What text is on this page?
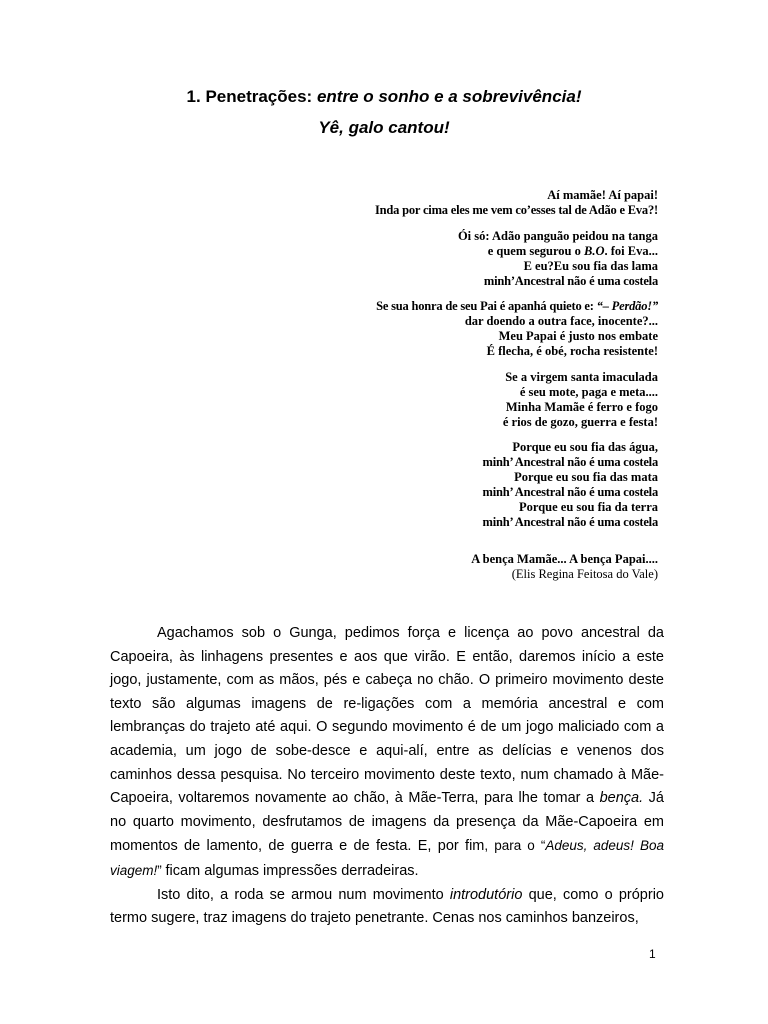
1. Penetrações: entre o sonho e a sobrevivência!
Yê, galo cantou!
Aí mamãe! Aí papai!
Inda por cima eles me vem co’esses tal de Adão e Eva?!
Ói só: Adão panguão peidou na tanga
e quem segurou o B.O. foi Eva...
E eu?Eu sou fia das lama
minh’Ancestral não é uma costela
Se sua honra de seu Pai é apanhá quieto e: “– Perdão!”
dar doendo a outra face, inocente?...
Meu Papai é justo nos embate
É flecha, é obé, rocha resistente!
Se a virgem santa imaculada
é seu mote, paga e meta....
Minha Mamãe é ferro e fogo
é rios de gozo, guerra e festa!
Porque eu sou fia das água,
minh’ Ancestral não é uma costela
Porque eu sou fia das mata
minh’ Ancestral não é uma costela
Porque eu sou fia da terra
minh’ Ancestral não é uma costela
A bença Mamãe... A bença Papai....
(Elis Regina Feitosa do Vale)

Agachamos sob o Gunga, pedimos força e licença ao povo ancestral da Capoeira, às linhagens presentes e aos que virão. E então, daremos início a este jogo, justamente, com as mãos, pés e cabeça no chão. O primeiro movimento deste texto são algumas imagens de re-ligações com a memória ancestral e com lembranças do trajeto até aqui. O segundo movimento é de um jogo maliciado com a academia, um jogo de sobe-desce e aqui-alí, entre as delícias e venenos dos caminhos dessa pesquisa. No terceiro movimento deste texto, num chamado à Mãe-Capoeira, voltaremos novamente ao chão, à Mãe-Terra, para lhe tomar a bença. Já no quarto movimento, desfrutamos de imagens da presença da Mãe-Capoeira em momentos de lamento, de guerra e de festa. E, por fim, para o “Adeus, adeus! Boa viagem!” ficam algumas impressões derradeiras.

Isto dito, a roda se armou num movimento introdutório que, como o próprio termo sugere, traz imagens do trajeto penetrante. Cenas nos caminhos banzeiros,

1
